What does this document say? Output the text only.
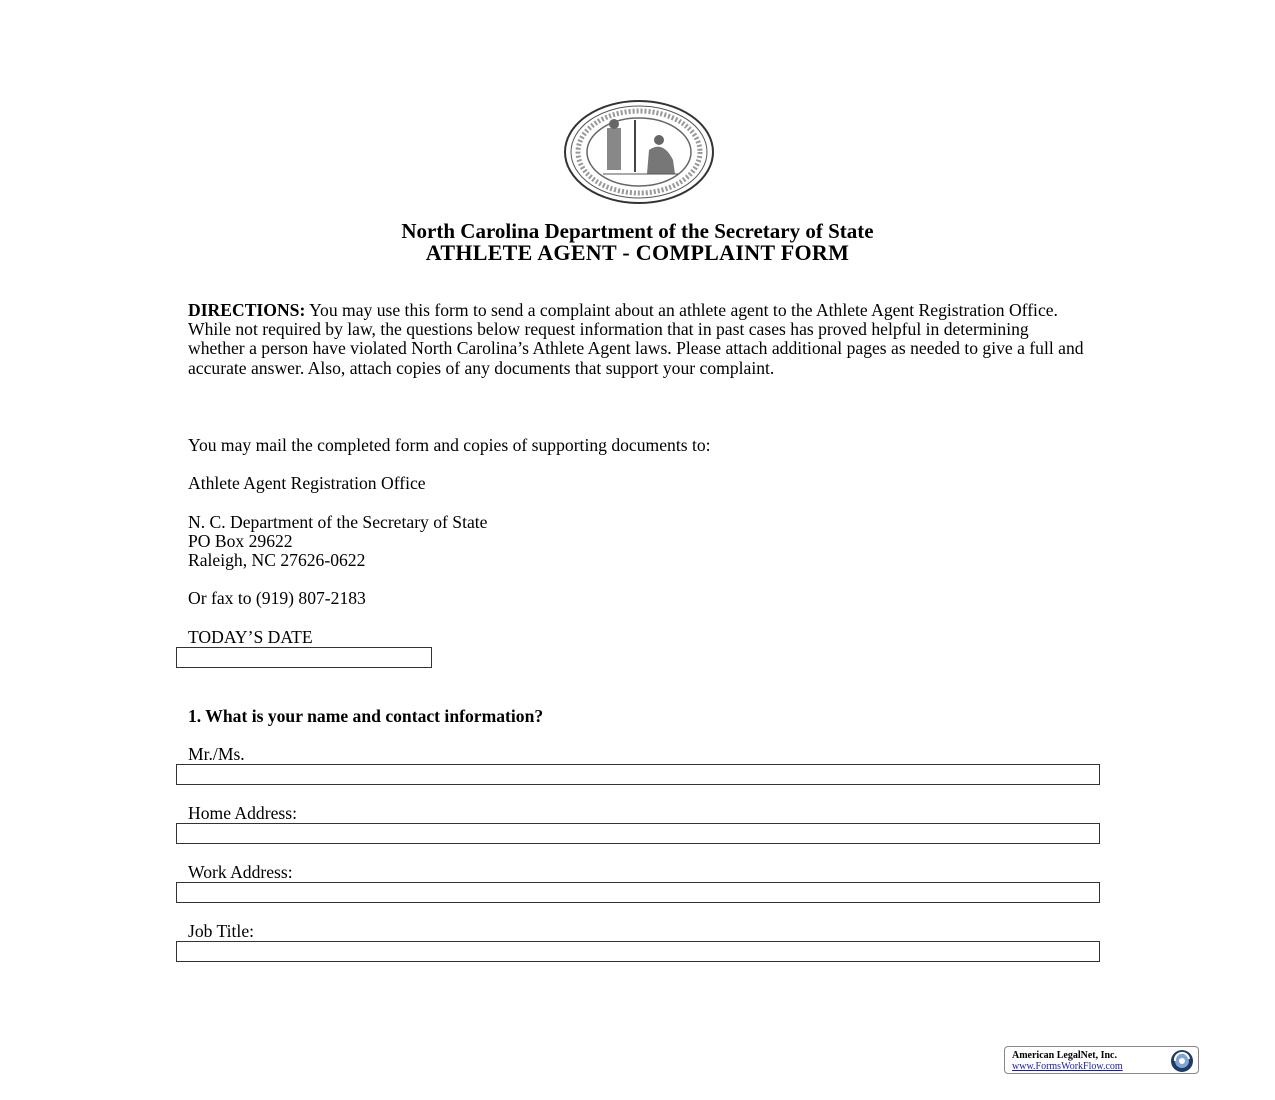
North Carolina Department of the Secretary of State
ATHLETE AGENT - COMPLAINT FORM
DIRECTIONS: You may use this form to send a complaint about an athlete agent to the Athlete Agent Registration Office. While not required by law, the questions below request information that in past cases has proved helpful in determining whether a person have violated North Carolina’s Athlete Agent laws. Please attach additional pages as needed to give a full and accurate answer. Also, attach copies of any documents that support your complaint.
You may mail the completed form and copies of supporting documents to:
Athlete Agent Registration Office
N. C. Department of the Secretary of State
PO Box 29622
Raleigh, NC 27626-0622
Or fax to (919) 807-2183
TODAY’S DATE
1. What is your name and contact information?
Mr./Ms.
Home Address:
Work Address:
Job Title:
American LegalNet, Inc.
www.FormsWorkFlow.com
